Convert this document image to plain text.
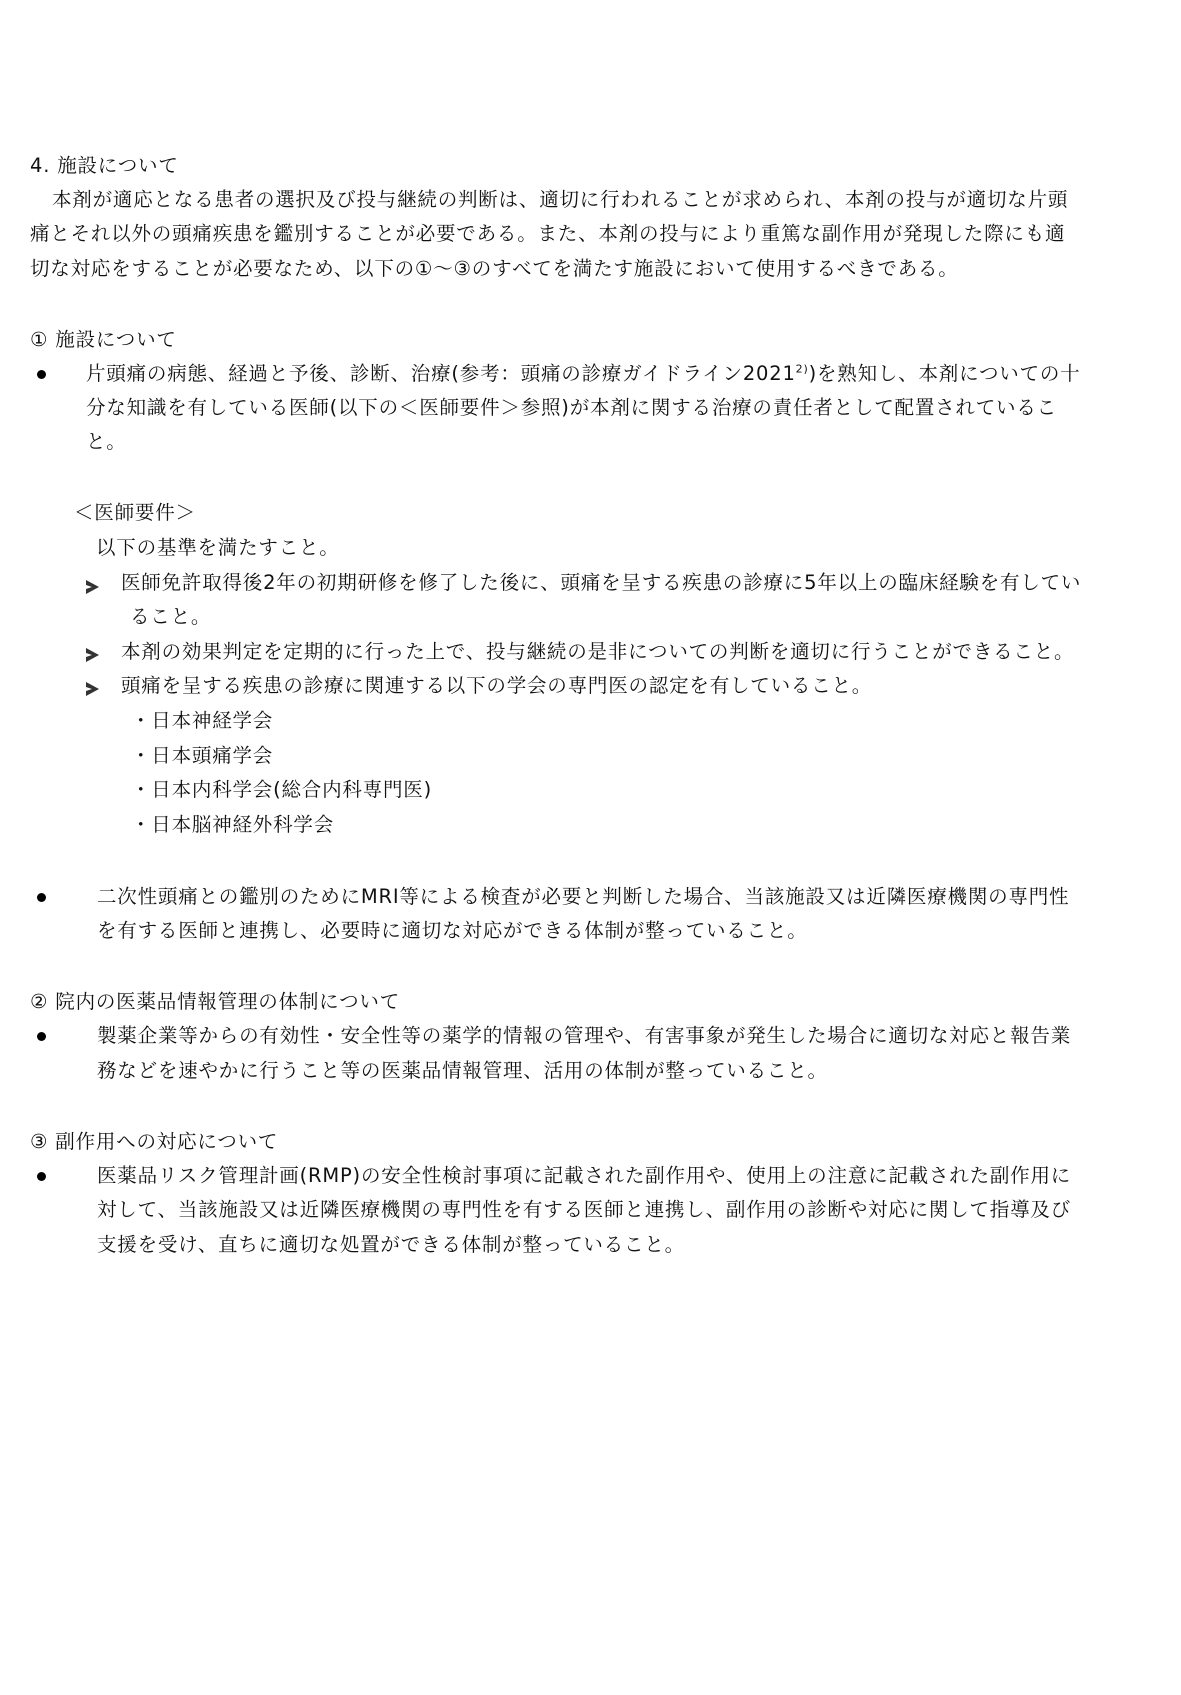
4. 施設について
本剤が適応となる患者の選択及び投与継続の判断は、適切に行われることが求められ、本剤の投与が適切な片頭
痛とそれ以外の頭痛疾患を鑑別することが必要である。また、本剤の投与により重篤な副作用が発現した際にも適
切な対応をすることが必要なため、以下の①～③のすべてを満たす施設において使用するべきである。
① 施設について
片頭痛の病態、経過と予後、診断、治療(参考：頭痛の診療ガイドライン2021$^{2)}$)を熟知し、本剤についての十
分な知識を有している医師(以下の＜医師要件＞参照)が本剤に関する治療の責任者として配置されているこ
と。
＜医師要件＞
以下の基準を満たすこと。
医師免許取得後2年の初期研修を修了した後に、頭痛を呈する疾患の診療に5年以上の臨床経験を有してい
ること。
本剤の効果判定を定期的に行った上で、投与継続の是非についての判断を適切に行うことができること。
頭痛を呈する疾患の診療に関連する以下の学会の専門医の認定を有していること。
・日本神経学会
・日本頭痛学会
・日本内科学会(総合内科専門医)
・日本脳神経外科学会
二次性頭痛との鑑別のためにMRI等による検査が必要と判断した場合、当該施設又は近隣医療機関の専門性
を有する医師と連携し、必要時に適切な対応ができる体制が整っていること。
② 院内の医薬品情報管理の体制について
製薬企業等からの有効性・安全性等の薬学的情報の管理や、有害事象が発生した場合に適切な対応と報告業
務などを速やかに行うこと等の医薬品情報管理、活用の体制が整っていること。
③ 副作用への対応について
医薬品リスク管理計画(RMP)の安全性検討事項に記載された副作用や、使用上の注意に記載された副作用に
対して、当該施設又は近隣医療機関の専門性を有する医師と連携し、副作用の診断や対応に関して指導及び
支援を受け、直ちに適切な処置ができる体制が整っていること。
